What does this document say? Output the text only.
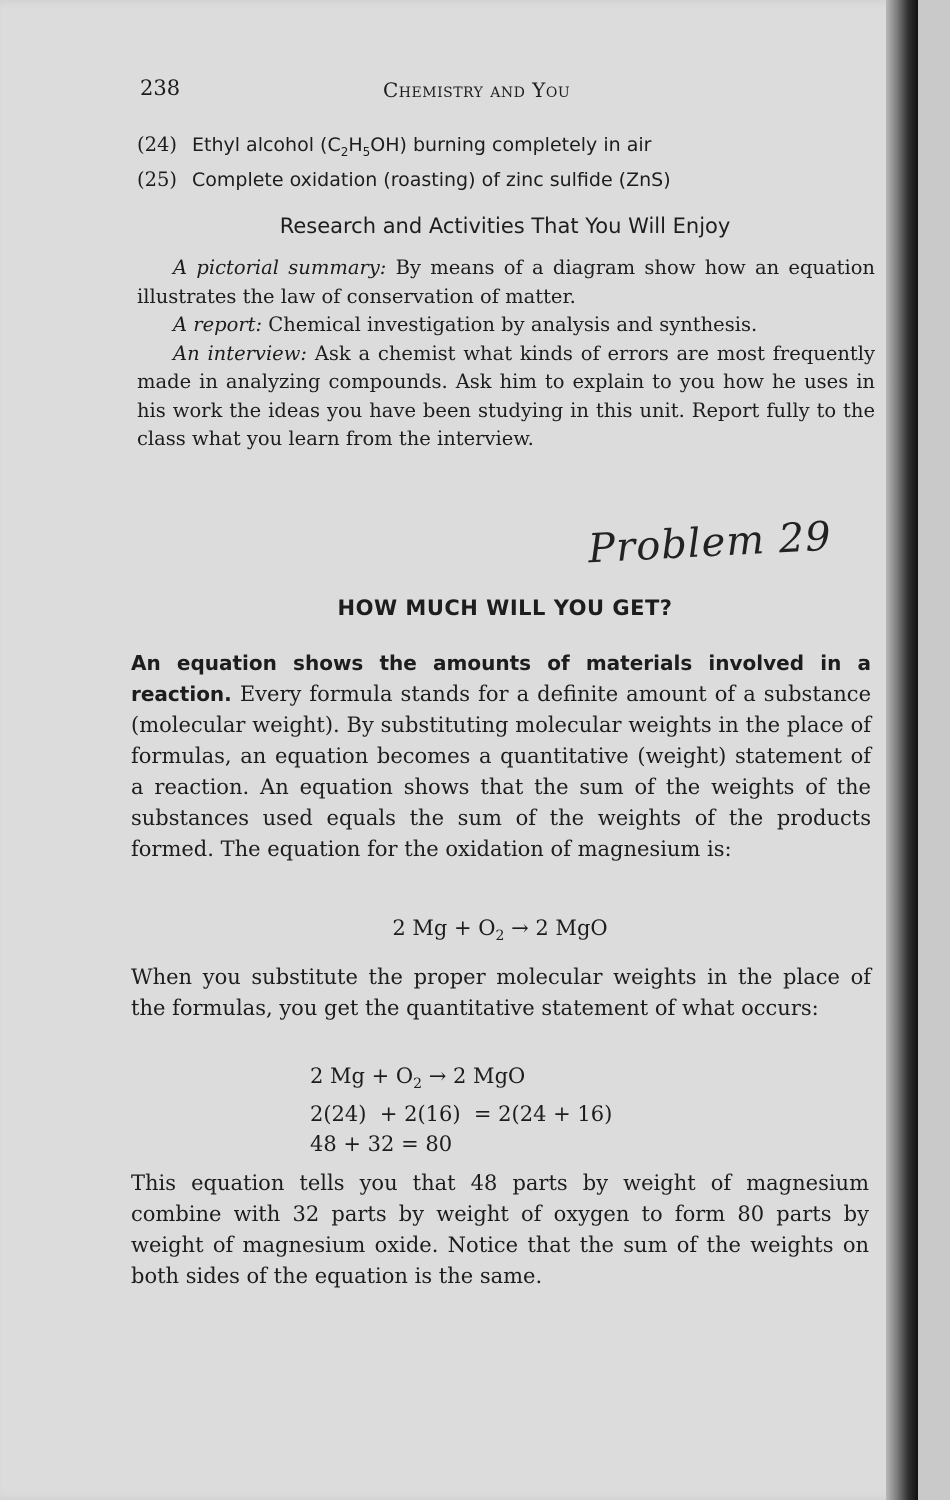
238	Chemistry and You
(24) Ethyl alcohol $(C_2H_5OH)$ burning completely in air
(25) Complete oxidation (roasting) of zinc sulfide (ZnS)
Research and Activities That You Will Enjoy

A pictorial summary: By means of a diagram show how an equation illustrates the law of conservation of matter.

A report: Chemical investigation by analysis and synthesis.

An interview: Ask a chemist what kinds of errors are most frequently made in analyzing compounds. Ask him to explain to you how he uses in his work the ideas you have been studying in this unit. Report fully to the class what you learn from the interview.

Problem 29
HOW MUCH WILL YOU GET?

An equation shows the amounts of materials involved in a reaction. Every formula stands for a definite amount of a substance (molecular weight). By substituting molecular weights in the place of formulas, an equation becomes a quantitative (weight) statement of a reaction. An equation shows that the sum of the weights of the substances used equals the sum of the weights of the products formed. The equation for the oxidation of magnesium is:

2 $Mg + O_2 \to 2$ MgO

When you substitute the proper molecular weights in the place of the formulas, you get the quantitative statement of what occurs:

2 $Mg + O_2 \to 2$ MgO
2(24)  + 2(16)  = 2(24 + 16)
48 + 32 = 80

This equation tells you that 48 parts by weight of magnesium combine with 32 parts by weight of oxygen to form 80 parts by weight of magnesium oxide. Notice that the sum of the weights on both sides of the equation is the same.
